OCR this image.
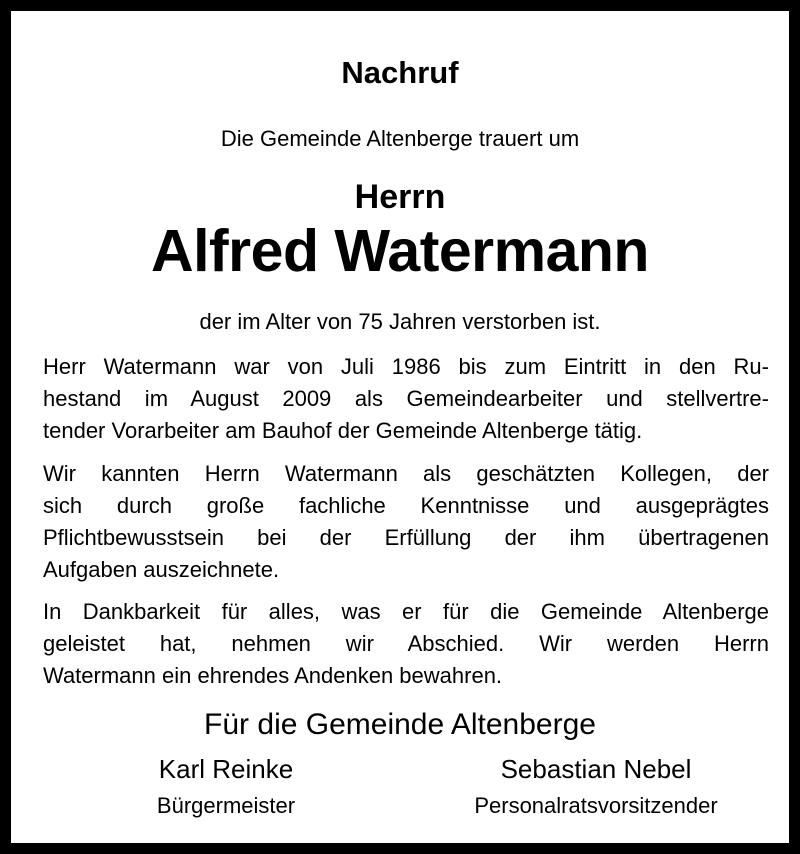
Nachruf
Die Gemeinde Altenberge trauert um
Herrn
Alfred Watermann
der im Alter von 75 Jahren verstorben ist.
Herr Watermann war von Juli 1986 bis zum Eintritt in den Ru-
hestand im August 2009 als Gemeindearbeiter und stellvertre-
tender Vorarbeiter am Bauhof der Gemeinde Altenberge tätig.
Wir kannten Herrn Watermann als geschätzten Kollegen, der
sich durch große fachliche Kenntnisse und ausgeprägtes
Pflichtbewusstsein bei der Erfüllung der ihm übertragenen
Aufgaben auszeichnete.
In Dankbarkeit für alles, was er für die Gemeinde Altenberge
geleistet hat, nehmen wir Abschied. Wir werden Herrn
Watermann ein ehrendes Andenken bewahren.
Für die Gemeinde Altenberge
Karl Reinke
Bürgermeister
Sebastian Nebel
Personalratsvorsitzender
